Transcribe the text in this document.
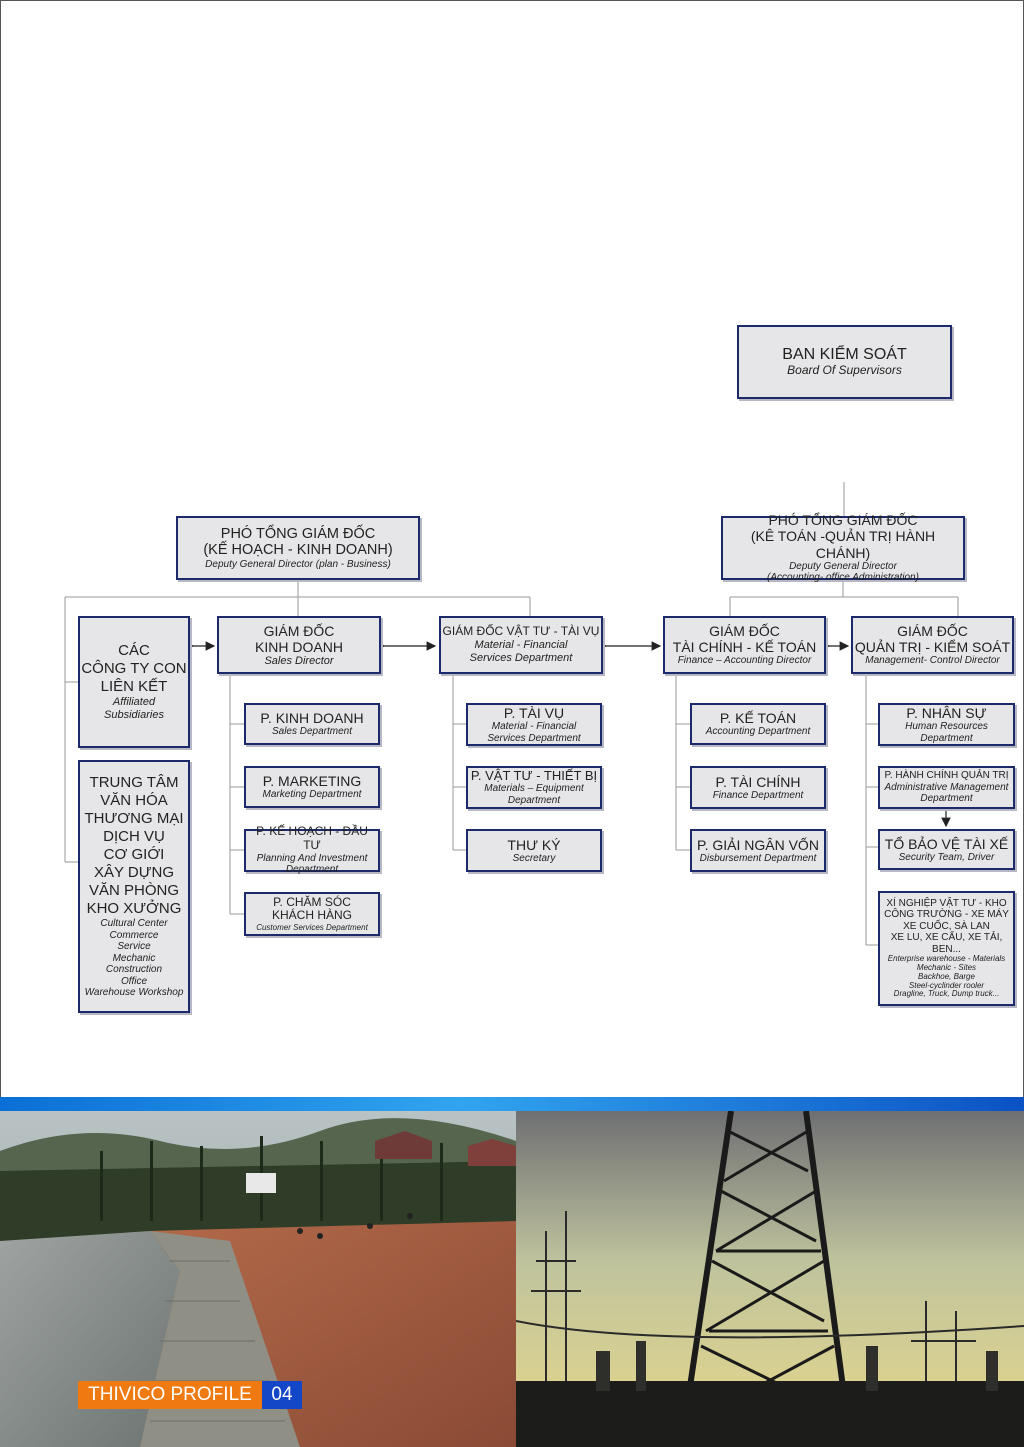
BAN KIỂM SOÁT
Board Of Supervisors
PHÓ TỔNG GIÁM ĐỐC
(KẾ HOẠCH - KINH DOANH)
Deputy General Director (plan - Business)
PHÓ TỔNG GIÁM ĐỐC
(KÊ TOÁN -QUẢN TRỊ HÀNH CHÁNH)
Deputy General Director
(Accounting- office Administration)
CÁC
CÔNG TY CON
LIÊN KẾT
Affiliated
Subsidiaries
TRUNG TÂM
VĂN HÓA
THƯƠNG MẠI
DỊCH VỤ
CƠ GIỚI
XÂY DỰNG
VĂN PHÒNG
KHO XƯỞNG
Cultural Center
Commerce
Service
Mechanic
Construction
Office
Warehouse Workshop
GIÁM ĐỐC
KINH DOANH
Sales Director
GIÁM ĐỐC VẬT TƯ - TÀI VỤ
Material - Financial
Services Department
GIÁM ĐỐC
TÀI CHÍNH - KẾ TOÁN
Finance – Accounting Director
GIÁM ĐỐC
QUẢN TRỊ - KIỂM SOÁT
Management- Control Director
P. KINH DOANH
Sales Department
P. MARKETING
Marketing Department
P. KẾ HOẠCH - ĐẦU TƯ
Planning And Investment
Department
P. CHĂM SÓC
KHÁCH HÀNG
Customer Services Department
P. TÀI VỤ
Material - Financial
Services Department
P. VẬT TƯ - THIẾT BỊ
Materials – Equipment
Department
THƯ KÝ
Secretary
P. KẾ TOÁN
Accounting Department
P. TÀI CHÍNH
Finance Department
P. GIẢI NGÂN VỐN
Disbursement Department
P. NHÂN SỰ
Human Resources
Department
P. HÀNH CHÍNH QUẢN TRỊ
Administrative Management
Department
TỔ BẢO VỆ TÀI XẾ
Security Team, Driver
XÍ NGHIỆP VẬT TƯ - KHO
CÔNG TRƯỜNG - XE MÁY
XE CUỐC, SÀ LAN
XE LU, XE CẨU, XE TẢI, BEN...
Enterprise warehouse - Materials
Mechanic - Sites
Backhoe, Barge
Steel-cyclinder rooler
Dragline, Truck, Dump truck...
THIVICO PROFILE 04
